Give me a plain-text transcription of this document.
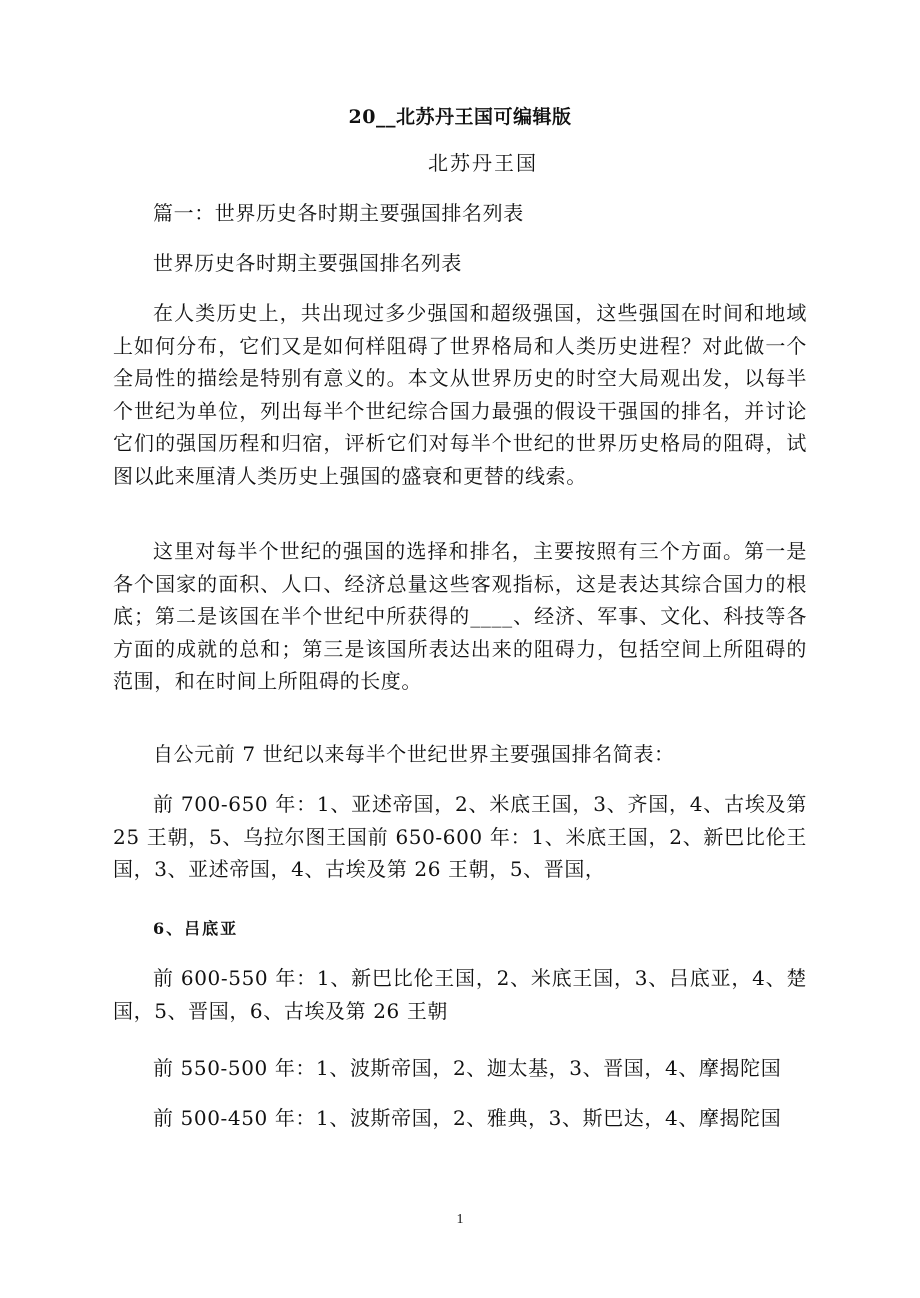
20__北苏丹王国可编辑版
北苏丹王国
篇一：世界历史各时期主要强国排名列表
世界历史各时期主要强国排名列表
在人类历史上，共出现过多少强国和超级强国，这些强国在时间和地域上如何分布，它们又是如何样阻碍了世界格局和人类历史进程？对此做一个全局性的描绘是特别有意义的。本文从世界历史的时空大局观出发，以每半个世纪为单位，列出每半个世纪综合国力最强的假设干强国的排名，并讨论它们的强国历程和归宿，评析它们对每半个世纪的世界历史格局的阻碍，试图以此来厘清人类历史上强国的盛衰和更替的线索。
这里对每半个世纪的强国的选择和排名，主要按照有三个方面。第一是各个国家的面积、人口、经济总量这些客观指标，这是表达其综合国力的根底；第二是该国在半个世纪中所获得的____、经济、军事、文化、科技等各方面的成就的总和；第三是该国所表达出来的阻碍力，包括空间上所阻碍的范围，和在时间上所阻碍的长度。
自公元前 7 世纪以来每半个世纪世界主要强国排名简表：
前 700-650 年：1、亚述帝国，2、米底王国，3、齐国，4、古埃及第 25 王朝，5、乌拉尔图王国前 650-600 年：1、米底王国，2、新巴比伦王国，3、亚述帝国，4、古埃及第 26 王朝，5、晋国，
6、吕底亚
前 600-550 年：1、新巴比伦王国，2、米底王国，3、吕底亚，4、楚国，5、晋国，6、古埃及第 26 王朝
前 550-500 年：1、波斯帝国，2、迦太基，3、晋国，4、摩揭陀国
前 500-450 年：1、波斯帝国，2、雅典，3、斯巴达，4、摩揭陀国
1
